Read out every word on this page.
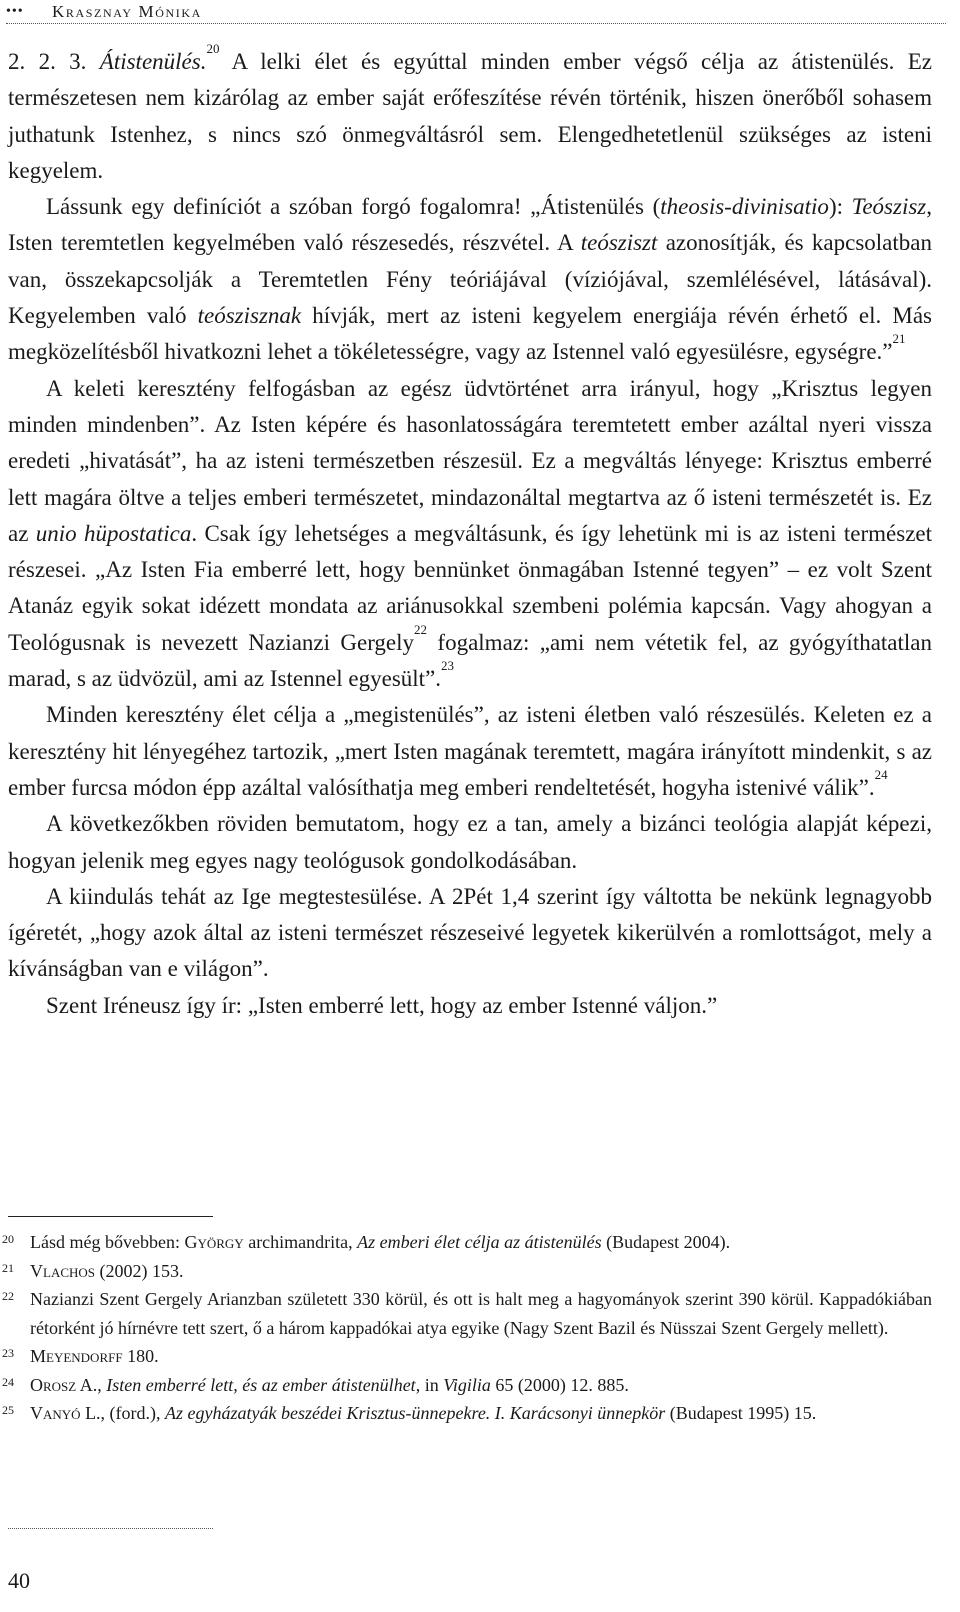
••• Krasznay Mónika

2. 2. 3. Átistenülés.$^{20}$ A lelki élet és egyúttal minden ember végső célja az átistenülés. Ez természetesen nem kizárólag az ember saját erőfeszítése révén történik, hiszen önerőből sohasem juthatunk Istenhez, s nincs szó önmegváltásról sem. Elengedhetetlenül szükséges az isteni kegyelem.

Lássunk egy definíciót a szóban forgó fogalomra! „Átistenülés (theosis-divinisatio): Teószisz, Isten teremtetlen kegyelmében való részesedés, részvétel. A teósziszt azonosítják, és kapcsolatban van, összekapcsolják a Teremtetlen Fény teóriájával (víziójával, szemlélésével, látásával). Kegyelemben való teószisznak hívják, mert az isteni kegyelem energiája révén érhető el. Más megközelítésből hivatkozni lehet a tökéletességre, vagy az Istennel való egyesülésre, egységre.”$^{21}$

A keleti keresztény felfogásban az egész üdvtörténet arra irányul, hogy „Krisztus legyen minden mindenben”. Az Isten képére és hasonlatosságára teremtetett ember azáltal nyeri vissza eredeti „hivatását”, ha az isteni természetben részesül. Ez a megváltás lényege: Krisztus emberré lett magára öltve a teljes emberi természetet, mindazonáltal megtartva az ő isteni természetét is. Ez az unio hüpostatica. Csak így lehetséges a megváltásunk, és így lehetünk mi is az isteni természet részesei. „Az Isten Fia emberré lett, hogy bennünket önmagában Istenné tegyen” – ez volt Szent Atanáz egyik sokat idézett mondata az ariánusokkal szembeni polémia kapcsán. Vagy ahogyan a Teológusnak is nevezett Nazianzi Gergely$^{22}$ fogalmaz: „ami nem vétetik fel, az gyógyíthatatlan marad, s az üdvözül, ami az Istennel egyesült”.$^{23}$

Minden keresztény élet célja a „megistenülés”, az isteni életben való részesülés. Keleten ez a keresztény hit lényegéhez tartozik, „mert Isten magának teremtett, magára irányított mindenkit, s az ember furcsa módon épp azáltal valósíthatja meg emberi rendeltetését, hogyha istenivé válik”.$^{24}$

A következőkben röviden bemutatom, hogy ez a tan, amely a bizánci teológia alapját képezi, hogyan jelenik meg egyes nagy teológusok gondolkodásában.

A kiindulás tehát az Ige megtestesülése. A 2Pét 1,4 szerint így váltotta be nekünk legnagyobb ígéretét, „hogy azok által az isteni természet részeseivé legyetek kikerülvén a romlottságot, mely a kívánságban van e világon”.

Szent Iréneusz így ír: „Isten emberré lett, hogy az ember Istenné váljon.”

20 Lásd még bővebben: György archimandrita, Az emberi élet célja az átistenülés (Budapest 2004).
21 Vlachos (2002) 153.
22 Nazianzi Szent Gergely Arianzban született 330 körül, és ott is halt meg a hagyományok szerint 390 körül. Kappadókiában rétorként jó hírnévre tett szert, ő a három kappadókai atya egyike (Nagy Szent Bazil és Nüsszai Szent Gergely mellett).
23 Meyendorff 180.
24 Orosz A., Isten emberré lett, és az ember átistenülhet, in Vigilia 65 (2000) 12. 885.
25 Vanyó L., (ford.), Az egyházatyák beszédei Krisztus-ünnepekre. I. Karácsonyi ünnepkör (Budapest 1995) 15.
40
